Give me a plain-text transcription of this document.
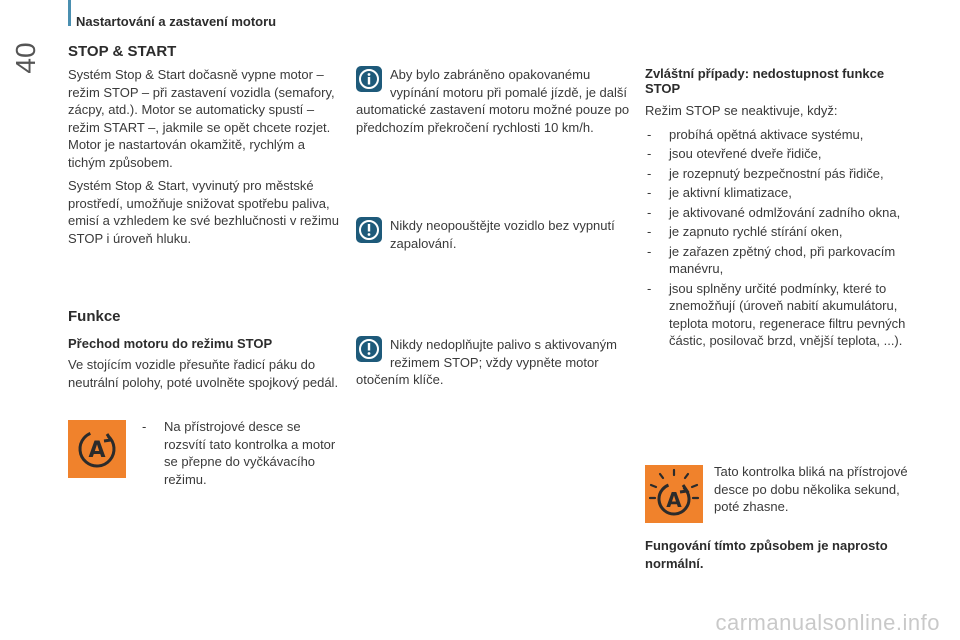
Nastartování a zastavení motoru
40 STOP & START

Systém Stop & Start dočasně vypne motor – režim STOP – při zastavení vozidla (semafory, zácpy, atd.). Motor se automaticky spustí – režim START –, jakmile se opět chcete rozjet. Motor je nastartován okamžitě, rychlým a tichým způsobem.

Systém Stop & Start, vyvinutý pro městské prostředí, umožňuje snižovat spotřebu paliva, emisí a vzhledem ke své bezhlučnosti v režimu STOP i úroveň hluku.

Funkce
Přechod motoru do režimu STOP

Ve stojícím vozidle přesuňte řadicí páku do neutrální polohy, poté uvolněte spojkový pedál.

A
- Na přístrojové desce se rozsvítí tato kontrolka a motor se přepne do vyčkávacího režimu.

Aby bylo zabráněno opakovanému vypínání motoru při pomalé jízdě, je další automatické zastavení motoru možné pouze po předchozím překročení rychlosti 10 km/h.

Nikdy neopouštějte vozidlo bez vypnutí zapalování.

Nikdy nedoplňujte palivo s aktivovaným režimem STOP; vždy vypněte motor otočením klíče.

Zvláštní případy: nedostupnost funkce STOP

Režim STOP se neaktivuje, když:

- probíhá opětná aktivace systému,
- jsou otevřené dveře řidiče,
- je rozepnutý bezpečnostní pás řidiče,
- je aktivní klimatizace,
- je aktivované odmlžování zadního okna,
- je zapnuto rychlé stírání oken,
- je zařazen zpětný chod, při parkovacím manévru,
- jsou splněny určité podmínky, které to znemožňují (úroveň nabití akumulátoru, teplota motoru, regenerace filtru pevných částic, posilovač brzd, vnější teplota, ...).
A

Tato kontrolka bliká na přístrojové desce po dobu několika sekund, poté zhasne.

Fungování tímto způsobem je naprosto normální.
carmanualsonline.info
